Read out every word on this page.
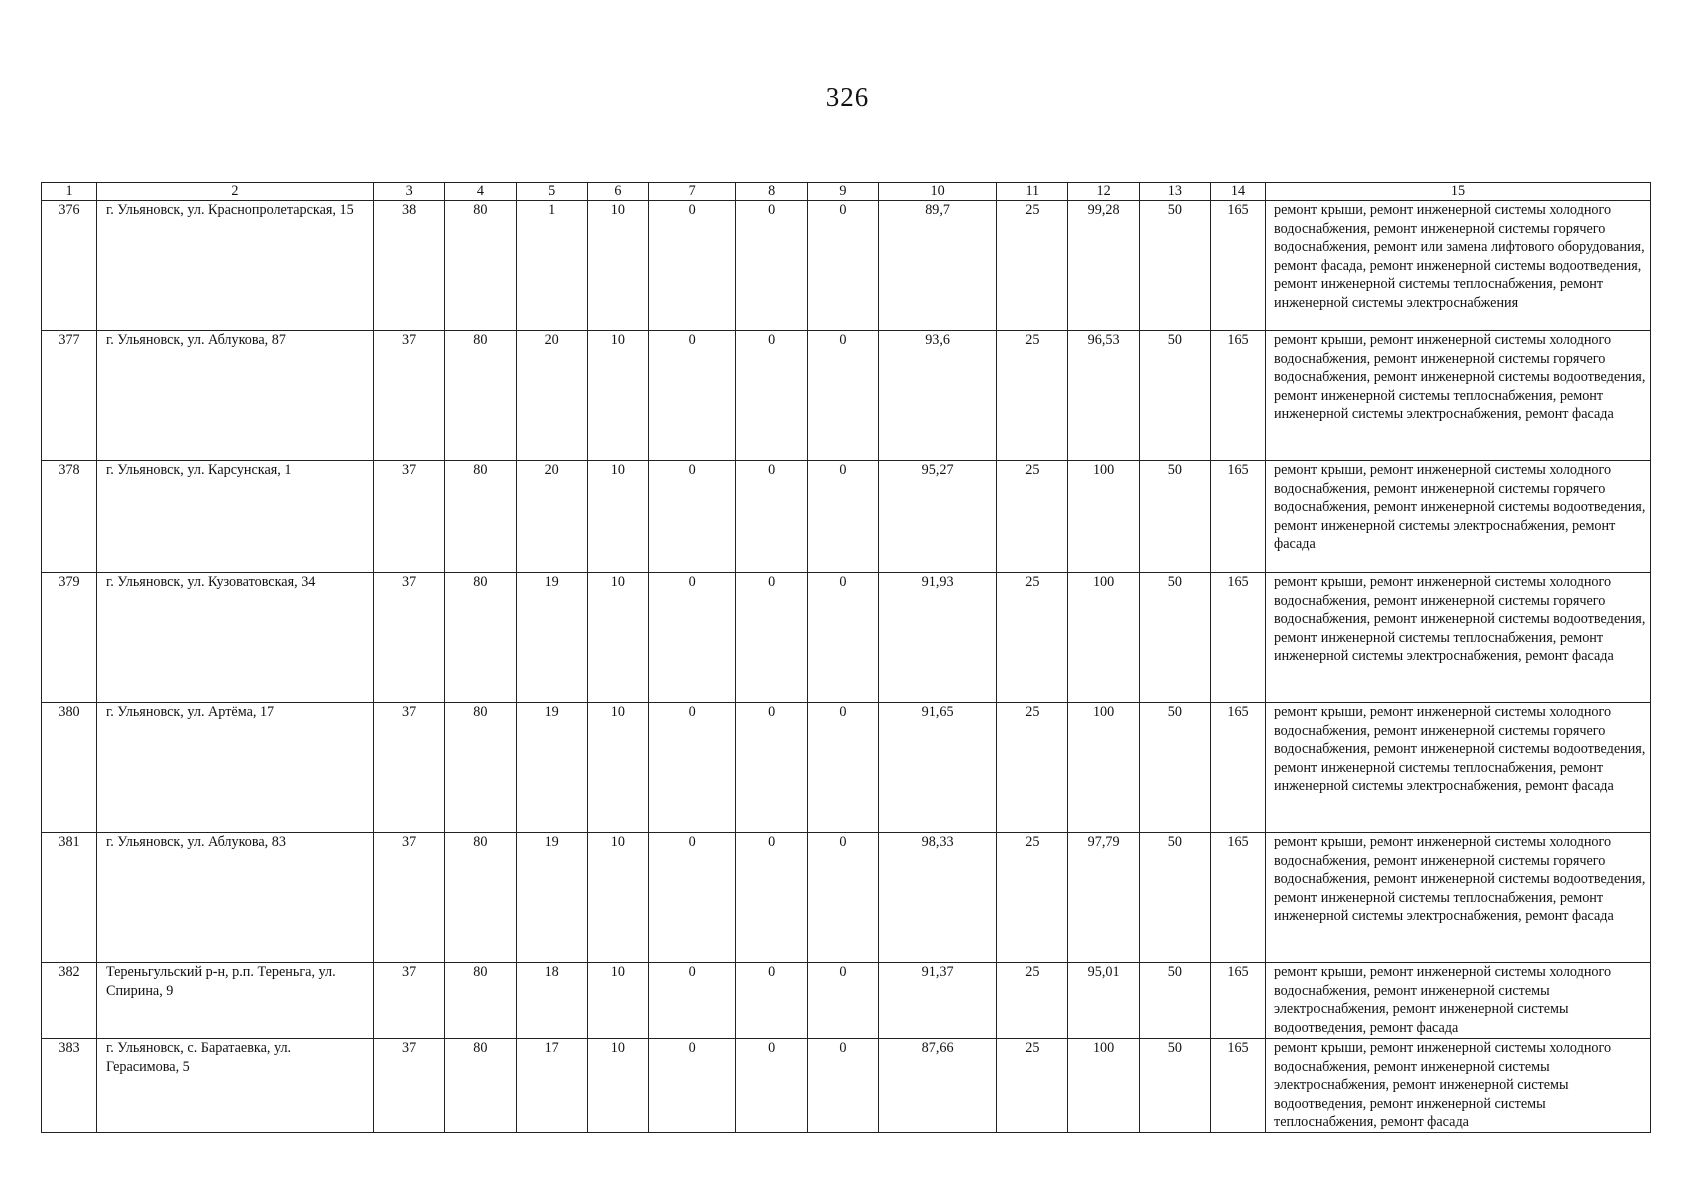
326
1	2	3	4	5	6	7	8	9	10	11	12	13	14	15
376	г. Ульяновск, ул. Краснопролетарская, 15	38	80	1	10	0	0	0	89,7	25	99,28	50	165	ремонт крыши, ремонт инженерной системы холодного водоснабжения, ремонт инженерной системы горячего водоснабжения, ремонт или замена лифтового оборудования, ремонт фасада, ремонт инженерной системы водоотведения, ремонт инженерной системы теплоснабжения, ремонт инженерной системы электроснабжения
377	г. Ульяновск, ул. Аблукова, 87	37	80	20	10	0	0	0	93,6	25	96,53	50	165	ремонт крыши, ремонт инженерной системы холодного водоснабжения, ремонт инженерной системы горячего водоснабжения, ремонт инженерной системы водоотведения, ремонт инженерной системы теплоснабжения, ремонт инженерной системы электроснабжения, ремонт фасада
378	г. Ульяновск, ул. Карсунская, 1	37	80	20	10	0	0	0	95,27	25	100	50	165	ремонт крыши, ремонт инженерной системы холодного водоснабжения, ремонт инженерной системы горячего водоснабжения, ремонт инженерной системы водоотведения, ремонт инженерной системы электроснабжения, ремонт фасада
379	г. Ульяновск, ул. Кузоватовская, 34	37	80	19	10	0	0	0	91,93	25	100	50	165	ремонт крыши, ремонт инженерной системы холодного водоснабжения, ремонт инженерной системы горячего водоснабжения, ремонт инженерной системы водоотведения, ремонт инженерной системы теплоснабжения, ремонт инженерной системы электроснабжения, ремонт фасада
380	г. Ульяновск, ул. Артёма, 17	37	80	19	10	0	0	0	91,65	25	100	50	165	ремонт крыши, ремонт инженерной системы холодного водоснабжения, ремонт инженерной системы горячего водоснабжения, ремонт инженерной системы водоотведения, ремонт инженерной системы теплоснабжения, ремонт инженерной системы электроснабжения, ремонт фасада
381	г. Ульяновск, ул. Аблукова, 83	37	80	19	10	0	0	0	98,33	25	97,79	50	165	ремонт крыши, ремонт инженерной системы холодного водоснабжения, ремонт инженерной системы горячего водоснабжения, ремонт инженерной системы водоотведения, ремонт инженерной системы теплоснабжения, ремонт инженерной системы электроснабжения, ремонт фасада
382	Тереньгульский р-н, р.п. Тереньга, ул. Спирина, 9	37	80	18	10	0	0	0	91,37	25	95,01	50	165	ремонт крыши, ремонт инженерной системы холодного водоснабжения, ремонт инженерной системы электроснабжения, ремонт инженерной системы водоотведения, ремонт фасада
383	г. Ульяновск, с. Баратаевка, ул. Герасимова, 5	37	80	17	10	0	0	0	87,66	25	100	50	165	ремонт крыши, ремонт инженерной системы холодного водоснабжения, ремонт инженерной системы электроснабжения, ремонт инженерной системы водоотведения, ремонт инженерной системы теплоснабжения, ремонт фасада
